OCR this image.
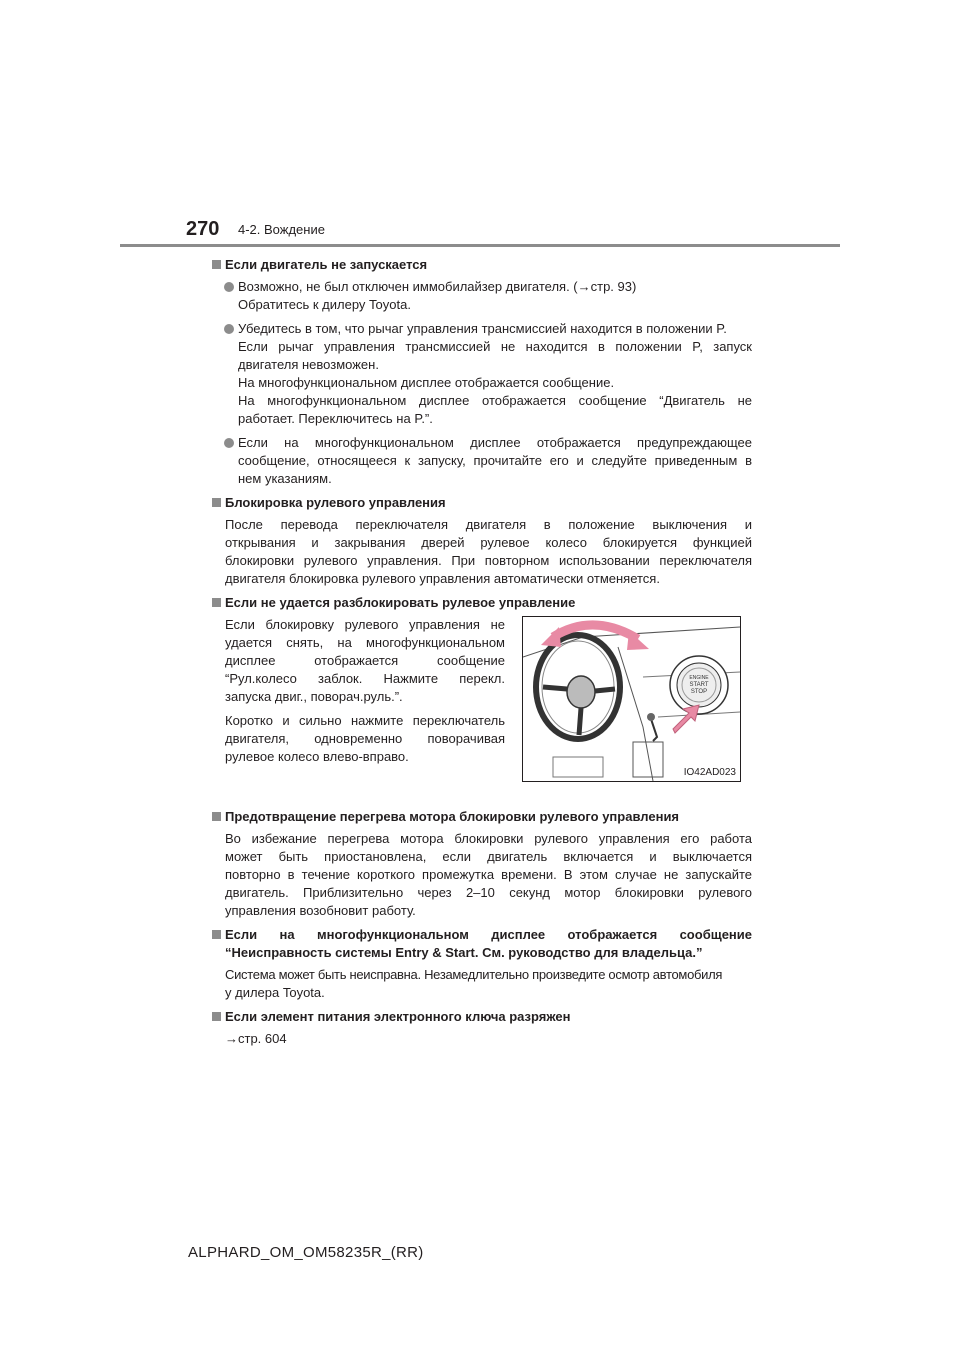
270 4-2. Вождение
Если двигатель не запускается
Возможно, не был отключен иммобилайзер двигателя. (→стр. 93)
Обратитесь к дилеру Toyota.
Убедитесь в том, что рычаг управления трансмиссией находится в положении P.
Если рычаг управления трансмиссией не находится в положении P, запуск
двигателя невозможен.
На многофункциональном дисплее отображается сообщение.
На многофункциональном дисплее отображается сообщение “Двигатель не
работает. Переключитесь на P.”.
Если на многофункциональном дисплее отображается предупреждающее
сообщение, относящееся к запуску, прочитайте его и следуйте приведенным в
нем указаниям.
Блокировка рулевого управления
После перевода переключателя двигателя в положение выключения и
открывания и закрывания дверей рулевое колесо блокируется функцией
блокировки рулевого управления. При повторном использовании переключателя
двигателя блокировка рулевого управления автоматически отменяется.
Если не удается разблокировать рулевое управление
Если блокировку рулевого управления не
удается снять, на многофункциональном
дисплее отображается сообщение
“Рул.колесо заблок. Нажмите перекл.
запуска двиг., поворач.руль.”.
Коротко и сильно нажмите переключатель
двигателя, одновременно поворачивая
рулевое колесо влево-вправо.
ENGINE
START
STOP
IO42AD023
Предотвращение перегрева мотора блокировки рулевого управления
Во избежание перегрева мотора блокировки рулевого управления его работа
может быть приостановлена, если двигатель включается и выключается
повторно в течение короткого промежутка времени. В этом случае не запускайте
двигатель. Приблизительно через 2–10 секунд мотор блокировки рулевого
управления возобновит работу.
Если на многофункциональном дисплее отображается сообщение
“Неисправность системы Entry & Start. См. руководство для владельца.”
Система может быть неисправна. Незамедлительно произведите осмотр автомобиля
у дилера Toyota.
Если элемент питания электронного ключа разряжен
→стр. 604
ALPHARD_OM_OM58235R_(RR)
